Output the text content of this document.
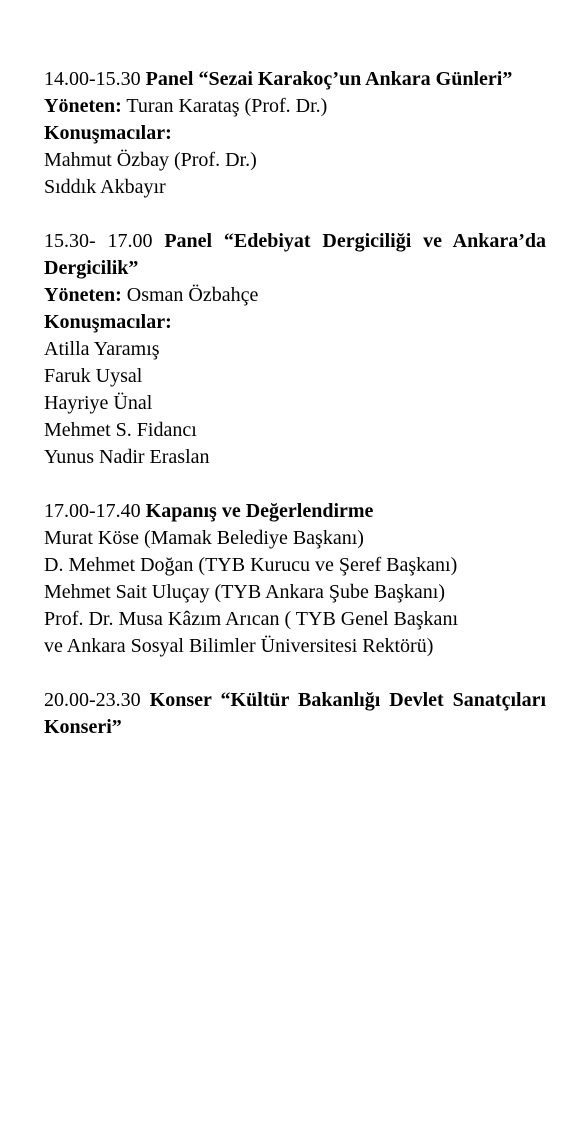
14.00-15.30 Panel “Sezai Karakoç’un Ankara Günleri”
Yöneten: Turan Karataş (Prof. Dr.)
Konuşmacılar:
Mahmut Özbay (Prof. Dr.)
Sıddık Akbayır
15.30- 17.00 Panel “Edebiyat Dergiciliği ve Ankara’da Dergicilik”
Yöneten: Osman Özbahçe
Konuşmacılar:
Atilla Yaramış
Faruk Uysal
Hayriye Ünal
Mehmet S. Fidancı
Yunus Nadir Eraslan
17.00-17.40 Kapanış ve Değerlendirme
Murat Köse (Mamak Belediye Başkanı)
D. Mehmet Doğan (TYB Kurucu ve Şeref Başkanı)
Mehmet Sait Uluçay (TYB Ankara Şube Başkanı)
Prof. Dr. Musa Kâzım Arıcan ( TYB Genel Başkanı
ve Ankara Sosyal Bilimler Üniversitesi Rektörü)
20.00-23.30 Konser “Kültür Bakanlığı Devlet Sanatçıları Konseri”
